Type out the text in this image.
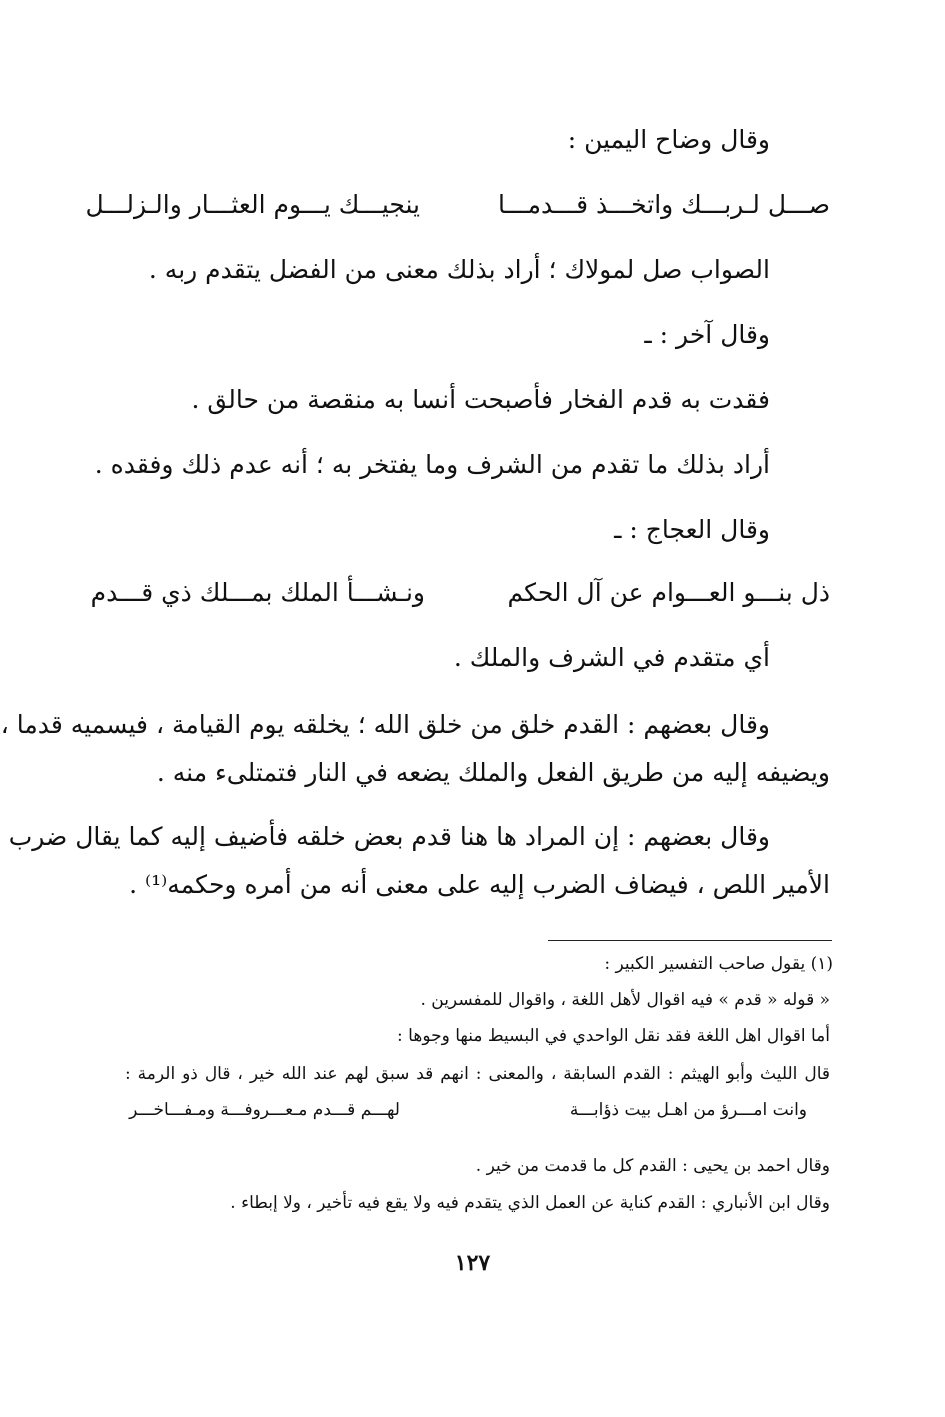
وقال وضاح اليمين :
صـــل لـربـــك واتخـــذ قـــدمـــا
ينجيـــك يـــوم العثـــار والـزلـــل
الصواب صل لمولاك ؛ أراد بذلك معنى من الفضل يتقدم ربه .
وقال آخر : ـ
فقدت به قدم الفخار فأصبحت أنسا به منقصة من حالق .
أراد بذلك ما تقدم من الشرف وما يفتخر به ؛ أنه عدم ذلك وفقده .
وقال العجاج : ـ
ذل بنـــو العـــوام عن آل الحكم
ونـشـــأ الملك بمـــلك ذي قـــدم
أي متقدم في الشرف والملك .
وقال بعضهم : القدم خلق من خلق الله ؛ يخلقه يوم القيامة ، فيسميه قدما ،
ويضيفه إليه من طريق الفعل والملك يضعه في النار فتمتلىء منه .
وقال بعضهم : إن المراد ها هنا قدم بعض خلقه فأضيف إليه كما يقال ضرب
الأمير اللص ، فيضاف الضرب إليه على معنى أنه من أمره وحكمه⁽¹⁾ .
(١) يقول صاحب التفسير الكبير :
« قوله « قدم » فيه اقوال لأهل اللغة ، واقوال للمفسرين .
أما اقوال اهل اللغة فقد نقل الواحدي في البسيط منها وجوها :
قال الليث وأبو الهيثم : القدم السابقة ، والمعنى : انهم قد سبق لهم عند الله خير ، قال ذو الرمة :
وانت امـــرؤ من اهـل بيت ذؤابـــة
لهـــم قـــدم مـعـــروفـــة ومـفـــاخـــر
وقال احمد بن يحيى : القدم كل ما قدمت من خير .
وقال ابن الأنباري : القدم كناية عن العمل الذي يتقدم فيه ولا يقع فيه تأخير ، ولا إبطاء .
١٢٧
